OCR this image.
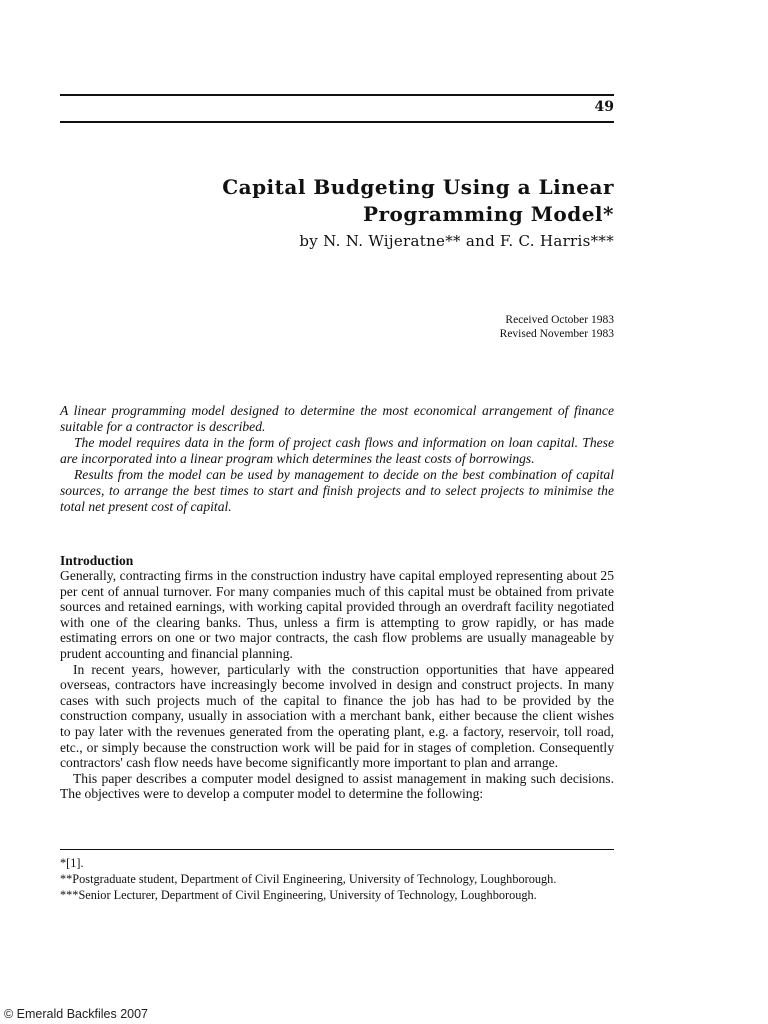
49
Capital Budgeting Using a Linear
Programming Model*
by N. N. Wijeratne** and F. C. Harris***
Received October 1983
Revised November 1983

A linear programming model designed to determine the most economical arrangement of finance suitable for a contractor is described.

The model requires data in the form of project cash flows and information on loan capital. These are incorporated into a linear program which determines the least costs of borrowings.

Results from the model can be used by management to decide on the best combination of capital sources, to arrange the best times to start and finish projects and to select projects to minimise the total net present cost of capital.

Introduction

Generally, contracting firms in the construction industry have capital employed representing about 25 per cent of annual turnover. For many companies much of this capital must be obtained from private sources and retained earnings, with working capital provided through an overdraft facility negotiated with one of the clearing banks. Thus, unless a firm is attempting to grow rapidly, or has made estimating errors on one or two major contracts, the cash flow problems are usually manageable by prudent accounting and financial planning.

In recent years, however, particularly with the construction opportunities that have appeared overseas, contractors have increasingly become involved in design and construct projects. In many cases with such projects much of the capital to finance the job has had to be provided by the construction company, usually in association with a merchant bank, either because the client wishes to pay later with the revenues generated from the operating plant, e.g. a factory, reservoir, toll road, etc., or simply because the construction work will be paid for in stages of completion. Consequently contractors' cash flow needs have become significantly more important to plan and arrange.

This paper describes a computer model designed to assist management in making such decisions. The objectives were to develop a computer model to determine the following:

*[1].

**Postgraduate student, Department of Civil Engineering, University of Technology, Loughborough.

***Senior Lecturer, Department of Civil Engineering, University of Technology, Loughborough.

© Emerald Backfiles 2007
